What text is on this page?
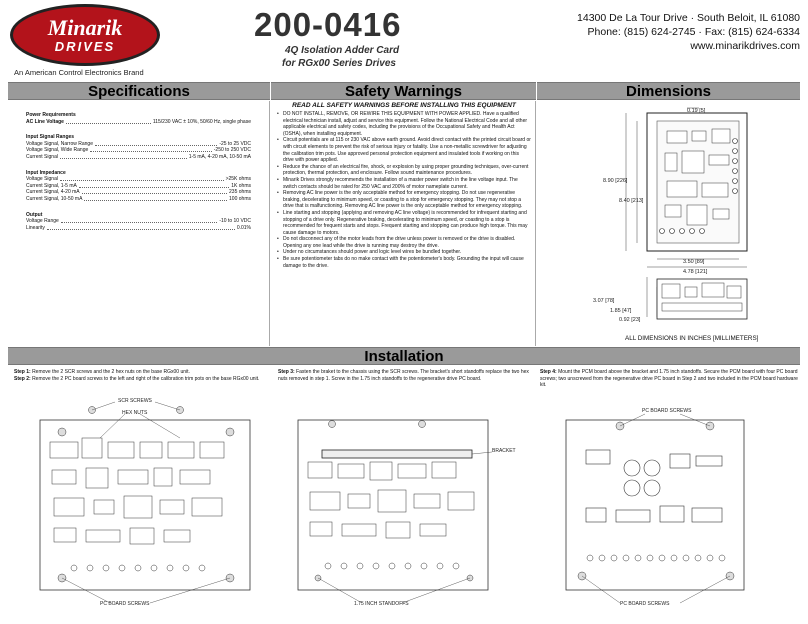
Minarik
DRIVES
An American Control Electronics Brand
200-0416
4Q Isolation Adder Card
for RGx00 Series Drives
14300 De La Tour Drive · South Beloit, IL 61080
Phone: (815) 624-2745 · Fax: (815) 624-6334
www.minarikdrives.com
Specifications	Safety Warnings	Dimensions
Power Requirements
AC Line Voltage	115/230 VAC ± 10%, 50/60 Hz, single phase
Input Signal Ranges
Voltage Signal, Narrow Range	-25 to 25 VDC
Voltage Signal, Wide Range	-250 to 250 VDC
Current Signal	1-5 mA, 4-20 mA, 10-50 mA
Input Impedance
Voltage Signal	>25K ohms
Current Signal, 1-5 mA	1K ohms
Current Signal, 4-20 mA	235 ohms
Current Signal, 10-50 mA	100 ohms
Output
Voltage Range	-10 to 10 VDC
Linearity	0.01%
READ ALL SAFETY WARNINGS BEFORE INSTALLING THIS EQUIPMENT
• DO NOT INSTALL, REMOVE, OR REWIRE THIS EQUIPMENT WITH POWER APPLIED. Have a qualified electrical technician install, adjust and service this equipment. Follow the National Electrical Code and all other applicable electrical and safety codes, including the provisions of the Occupational Safety and Health Act (OSHA), when installing equipment.
• Circuit potentials are at 115 or 230 VAC above earth ground. Avoid direct contact with the printed circuit board or with circuit elements to prevent the risk of serious injury or fatality. Use a non-metallic screwdriver for adjusting the calibration trim pots. Use approved personal protection equipment and insulated tools if working on this drive with power applied.
• Reduce the chance of an electrical fire, shock, or explosion by using proper grounding techniques, over-current protection, thermal protection, and enclosure. Follow sound maintenance procedures.
• Minarik Drives strongly recommends the installation of a master power switch in the line voltage input. The switch contacts should be rated for 250 VAC and 200% of motor nameplate current.
• Removing AC line power is the only acceptable method for emergency stopping. Do not use regenerative braking, decelerating to minimum speed, or coasting to a stop for emergency stopping. They may not stop a drive that is malfunctioning. Removing AC line power is the only acceptable method for emergency stopping.
• Line starting and stopping (applying and removing AC line voltage) is recommended for infrequent starting and stopping of a drive only. Regenerative braking, decelerating to minimum speed, or coasting to a stop is recommended for frequent starts and stops. Frequent starting and stopping can produce high torque. This may cause damage to motors.
• Do not disconnect any of the motor leads from the drive unless power is removed or the drive is disabled. Opening any one lead while the drive is running may destroy the drive.
• Under no circumstances should power and logic level wires be bundled together.
• Be sure potentiometer tabs do no make contact with the potentiometer's body. Grounding the input will cause damage to the drive.
0.19 [5]
8.90 [226]
8.40 [213]
3.50 [89]
4.78 [121]
3.07 [78]
1.85 [47]
0.92 [23]
ALL DIMENSIONS IN INCHES [MILLIMETERS]
Installation
Step 1: Remove the 2 SCR screws and the 2 hex nuts on the base RGx00 unit.
Step 2: Remove the 2 PC board screws to the left and right of the calibration trim pots on the base RGx00 unit.
Step 3: Fasten the braket to the chassis using the SCR screws. The bracket's short standoffs replace the two hex nuts removed in step 1. Screw in the 1.75 inch standoffs to the regenerative drive PC board.
Step 4: Mount the PCM board above the bracket and 1.75 inch standoffs. Secure the PCM board with four PC board screws; two unscrewed from the regenerative drive PC board in Step 2 and two included in the PCM board hardware kit.
SCR SCREWS
HEX NUTS
PC BOARD SCREWS
BRACKET
1.75 INCH STANDOFFS
PC BOARD SCREWS
PC BOARD SCREWS
